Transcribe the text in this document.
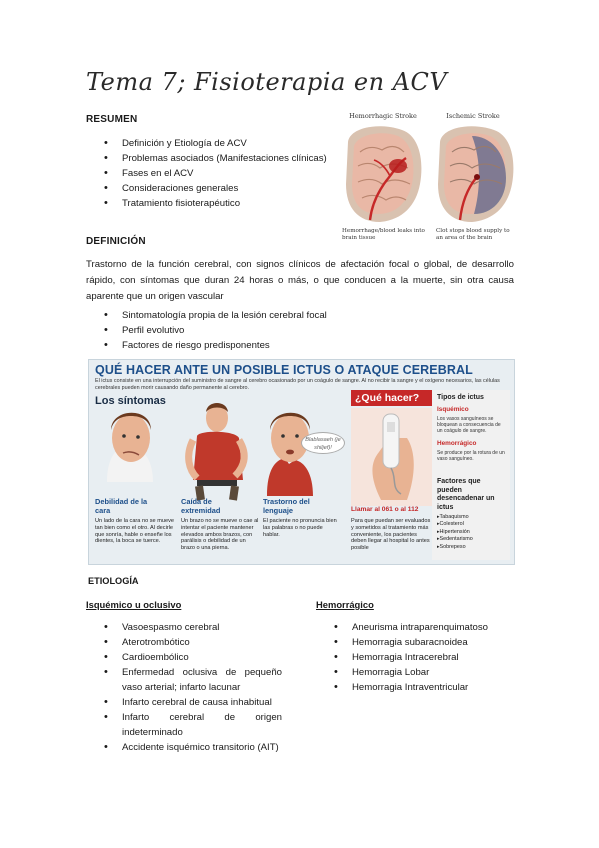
Tema 7; Fisioterapia en ACV
RESUMEN
• Definición y Etiología de ACV
• Problemas asociados (Manifestaciones clínicas)
• Fases en el ACV
• Consideraciones generales
• Tratamiento fisioterapéutico
Hemorrhagic Stroke	Ischemic Stroke
Hemorrhage/blood leaks into brain tissue
Clot stops blood supply to an area of the brain
DEFINICIÓN
Trastorno de la función cerebral, con signos clínicos de afectación focal o global, de desarrollo rápido, con síntomas que duran 24 horas o más, o que conducen a la muerte, sin otra causa aparente que un origen vascular
• Sintomatología propia de la lesión cerebral focal
• Perfil evolutivo
• Factores de riesgo predisponentes
QUÉ HACER ANTE UN POSIBLE ICTUS O ATAQUE CEREBRAL
El ictus consiste en una interrupción del suministro de sangre al cerebro ocasionado por un coágulo de sangre. Al no recibir la sangre y el oxígeno necesarios, las células cerebrales pueden morir causando daño permanente al cerebro.
Los síntomas	¿Qué hacer?
Blablasaeh (je shiljef)!
Debilidad de la cara
Un lado de la cara no se mueve tan bien como el otro. Al decirle que sonría, hable o enseñe los dientes, la boca se tuerce.
Caída de extremidad
Un brazo no se mueve o cae al intentar el paciente mantener elevados ambos brazos, con parálisis o debilidad de un brazo o una pierna.
Trastorno del lenguaje
El paciente no pronuncia bien las palabras o no puede hablar.
Llamar al 061 o al 112
Para que puedan ser evaluados y sometidos al tratamiento más conveniente, los pacientes deben llegar al hospital lo antes posible
Tipos de ictus
Isquémico
Los vasos sanguíneos se bloquean a consecuencia de un coágulo de sangre.
Hemorrágico
Se produce por la rotura de un vaso sanguíneo.
Factores que pueden desencadenar un ictus
▸ Tabaquismo
▸ Colesterol
▸ Hipertensión
▸ Sedentarismo
▸ Sobrepeso
ETIOLOGÍA
Isquémico u oclusivo
• Vasoespasmo cerebral
• Aterotrombótico
• Cardioembólico
• Enfermedad oclusiva de pequeño vaso arterial; infarto lacunar
• Infarto cerebral de causa inhabitual
• Infarto cerebral de origen indeterminado
• Accidente isquémico transitorio (AIT)
Hemorrágico
• Aneurisma intraparenquimatoso
• Hemorragia subaracnoidea
• Hemorragia Intracerebral
• Hemorragia Lobar
• Hemorragia Intraventricular
